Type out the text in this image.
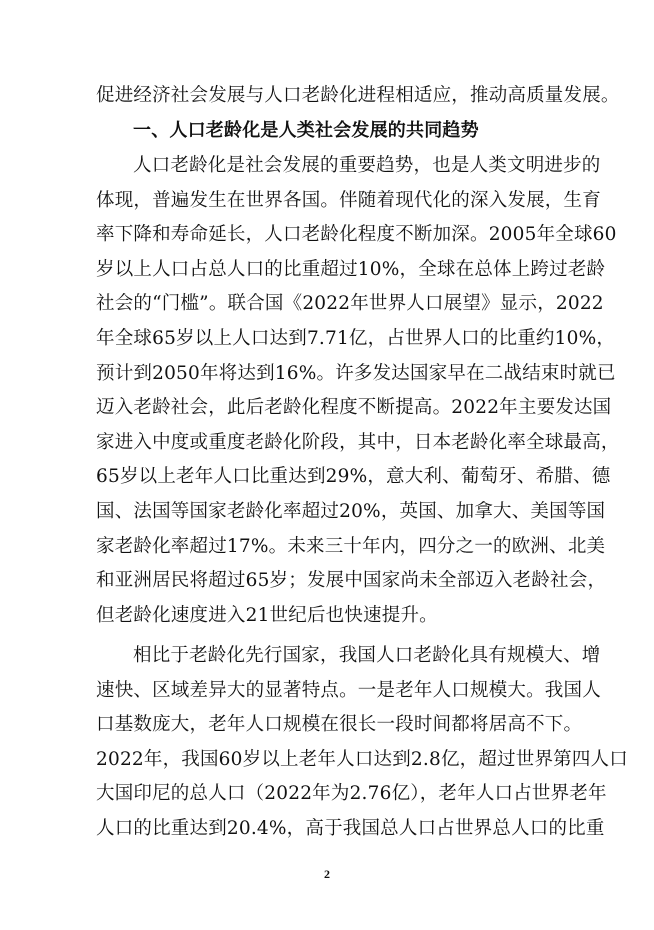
促进经济社会发展与人口老龄化进程相适应，推动高质量发展。
一、人口老龄化是人类社会发展的共同趋势
人口老龄化是社会发展的重要趋势，也是人类文明进步的
体现，普遍发生在世界各国。伴随着现代化的深入发展，生育
率下降和寿命延长，人口老龄化程度不断加深。2005年全球60
岁以上人口占总人口的比重超过10%，全球在总体上跨过老龄
社会的“门槛”。联合国《2022年世界人口展望》显示，2022
年全球65岁以上人口达到7.71亿，占世界人口的比重约10%，
预计到2050年将达到16%。许多发达国家早在二战结束时就已
迈入老龄社会，此后老龄化程度不断提高。2022年主要发达国
家进入中度或重度老龄化阶段，其中，日本老龄化率全球最高，
65岁以上老年人口比重达到29%，意大利、葡萄牙、希腊、德
国、法国等国家老龄化率超过20%，英国、加拿大、美国等国
家老龄化率超过17%。未来三十年内，四分之一的欧洲、北美
和亚洲居民将超过65岁；发展中国家尚未全部迈入老龄社会，
但老龄化速度进入21世纪后也快速提升。
相比于老龄化先行国家，我国人口老龄化具有规模大、增
速快、区域差异大的显著特点。一是老年人口规模大。我国人
口基数庞大，老年人口规模在很长一段时间都将居高不下。
2022年，我国60岁以上老年人口达到2.8亿，超过世界第四人口
大国印尼的总人口（2022年为2.76亿），老年人口占世界老年
人口的比重达到20.4%，高于我国总人口占世界总人口的比重
2
